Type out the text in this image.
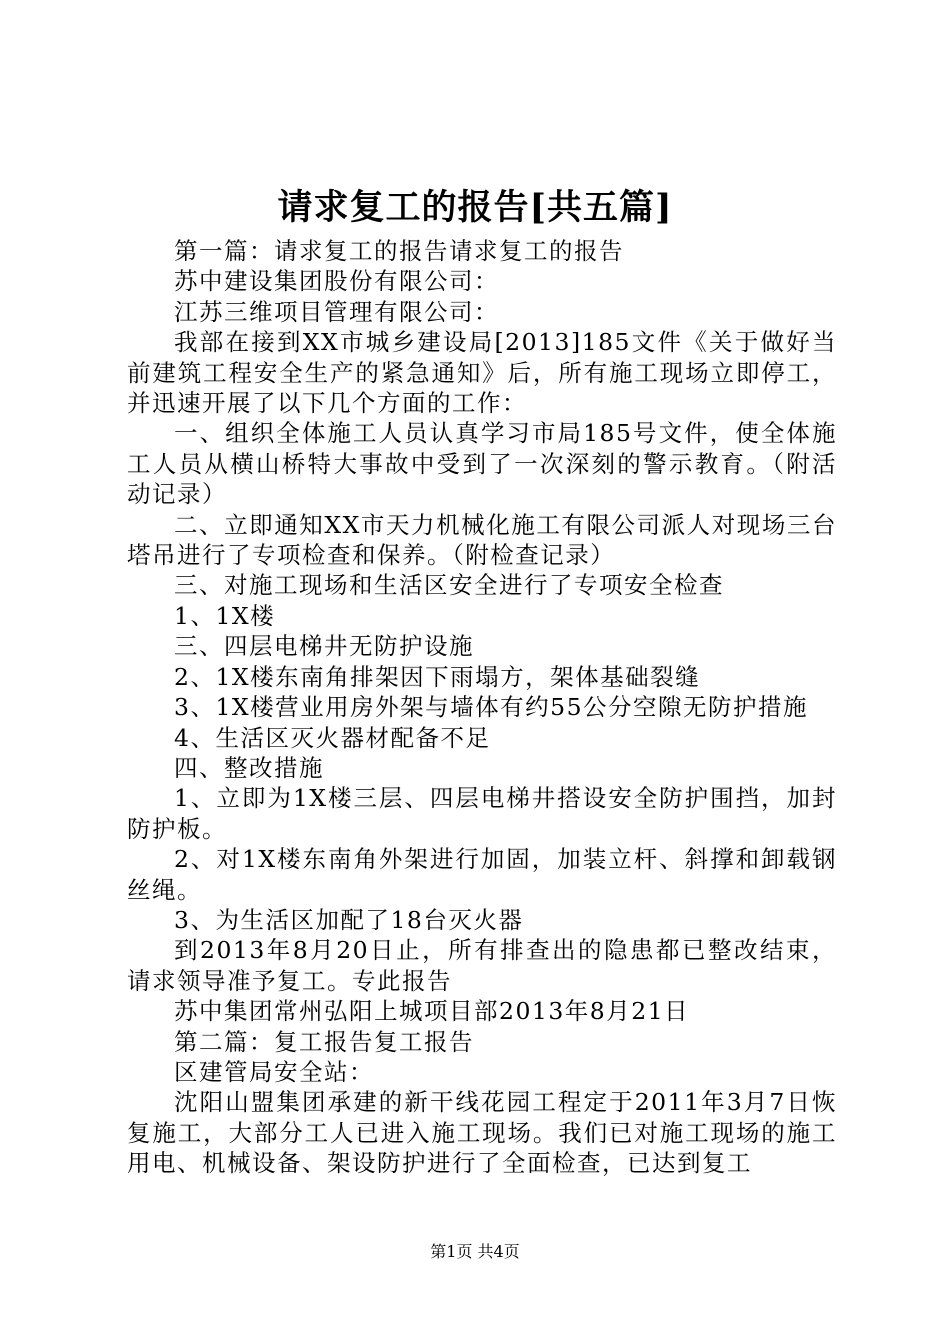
请求复工的报告[共五篇]

第一篇：请求复工的报告请求复工的报告

苏中建设集团股份有限公司：

江苏三维项目管理有限公司：

我部在接到XX市城乡建设局[2013]185文件《关于做好当前建筑工程安全生产的紧急通知》后，所有施工现场立即停工，并迅速开展了以下几个方面的工作：

一、组织全体施工人员认真学习市局185号文件，使全体施工人员从横山桥特大事故中受到了一次深刻的警示教育。（附活动记录）

二、立即通知XX市天力机械化施工有限公司派人对现场三台塔吊进行了专项检查和保养。（附检查记录）

三、对施工现场和生活区安全进行了专项安全检查

1、1X楼

三、四层电梯井无防护设施

2、1X楼东南角排架因下雨塌方，架体基础裂缝

3、1X楼营业用房外架与墙体有约55公分空隙无防护措施

4、生活区灭火器材配备不足

四、整改措施

1、立即为1X楼三层、四层电梯井搭设安全防护围挡，加封防护板。

2、对1X楼东南角外架进行加固，加装立杆、斜撑和卸载钢丝绳。

3、为生活区加配了18台灭火器

到2013年8月20日止，所有排查出的隐患都已整改结束，请求领导准予复工。专此报告

苏中集团常州弘阳上城项目部2013年8月21日

第二篇：复工报告复工报告

区建管局安全站：

沈阳山盟集团承建的新干线花园工程定于2011年3月7日恢复施工，大部分工人已进入施工现场。我们已对施工现场的施工用电、机械设备、架设防护进行了全面检查，已达到复工

第1页 共4页
